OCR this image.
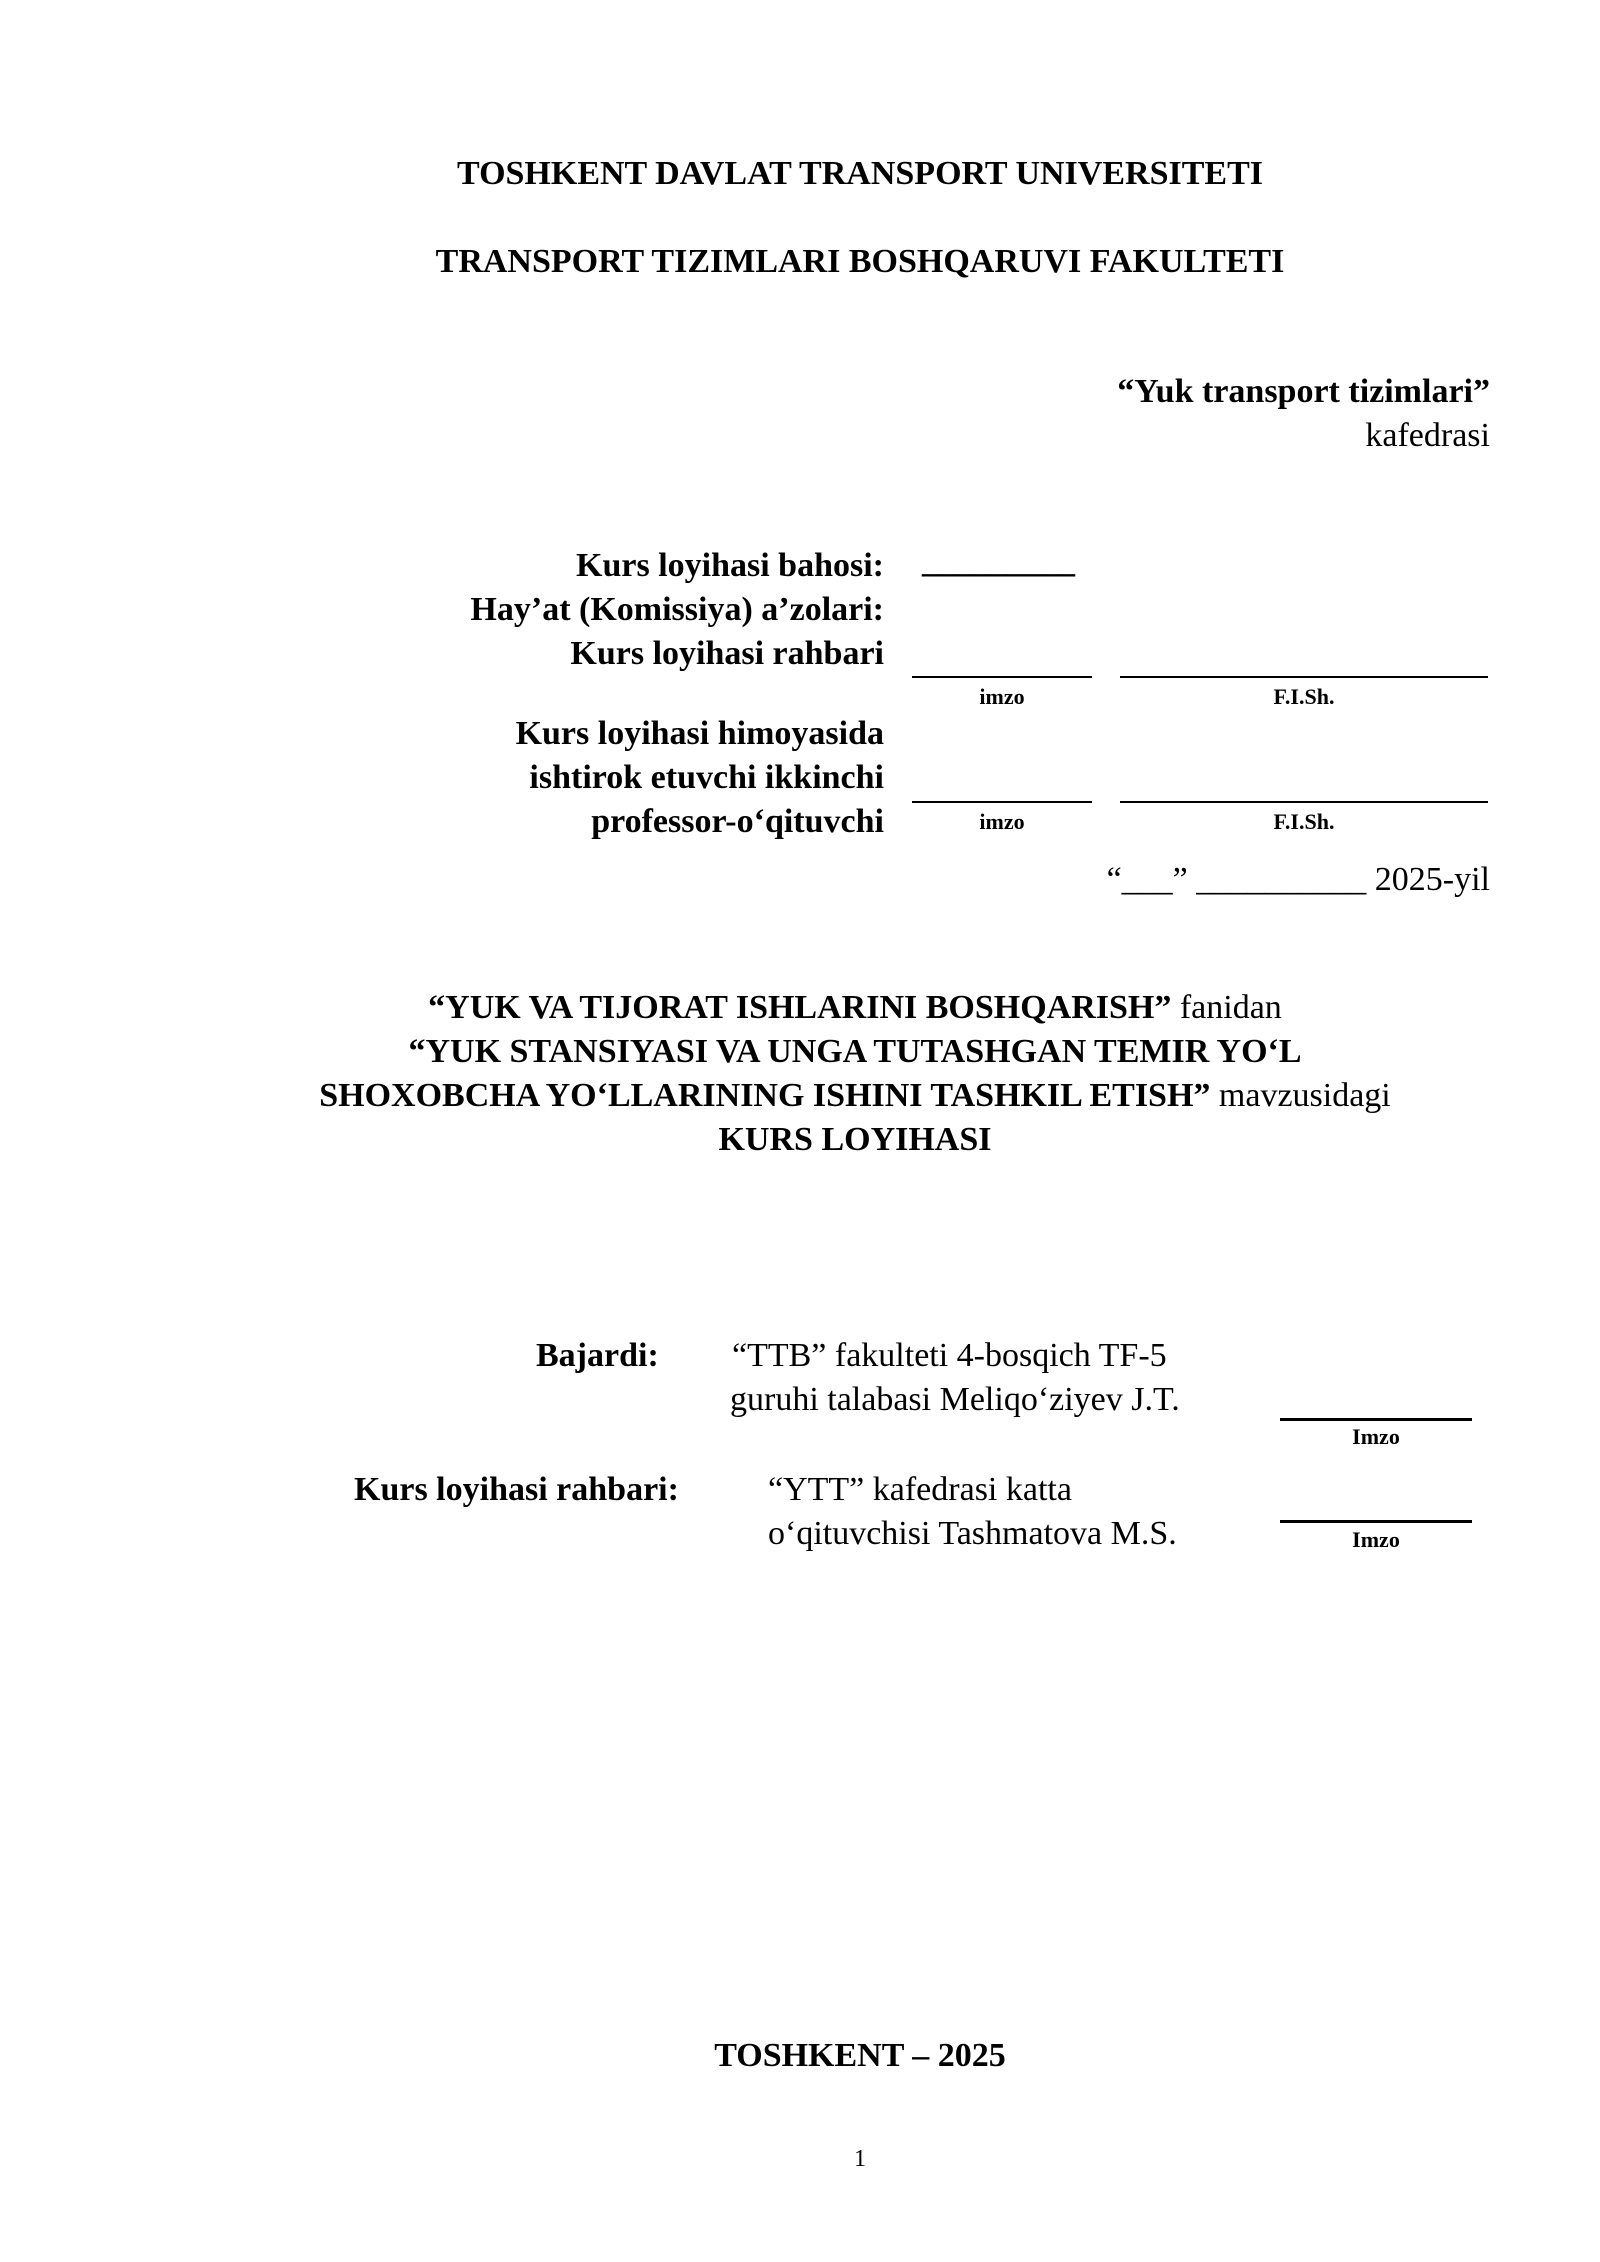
TOSHKENT DAVLAT TRANSPORT UNIVERSITETI
TRANSPORT TIZIMLARI BOSHQARUVI FAKULTETI
“Yuk transport tizimlari”
kafedrasi
Kurs loyihasi bahosi: _________
Hay’at (Komissiya) a’zolari:
Kurs loyihasi rahbari
imzo	F.I.Sh.
Kurs loyihasi himoyasida
ishtirok etuvchi ikkinchi
professor-o‘qituvchi	imzo	F.I.Sh.
“___” __________ 2025-yil
“YUK VA TIJORAT ISHLARINI BOSHQARISH” fanidan
“YUK STANSIYASI VA UNGA TUTASHGAN TEMIR YO‘L
SHOXOBCHA YO‘LLARINING ISHINI TASHKIL ETISH” mavzusidagi
KURS LOYIHASI
Bajardi: “TTB” fakulteti 4-bosqich TF-5
guruhi talabasi Meliqo‘ziyev J.T.
Imzo
Kurs loyihasi rahbari:	“YTT” kafedrasi katta
o‘qituvchisi Tashmatova M.S.	Imzo
TOSHKENT – 2025
1
